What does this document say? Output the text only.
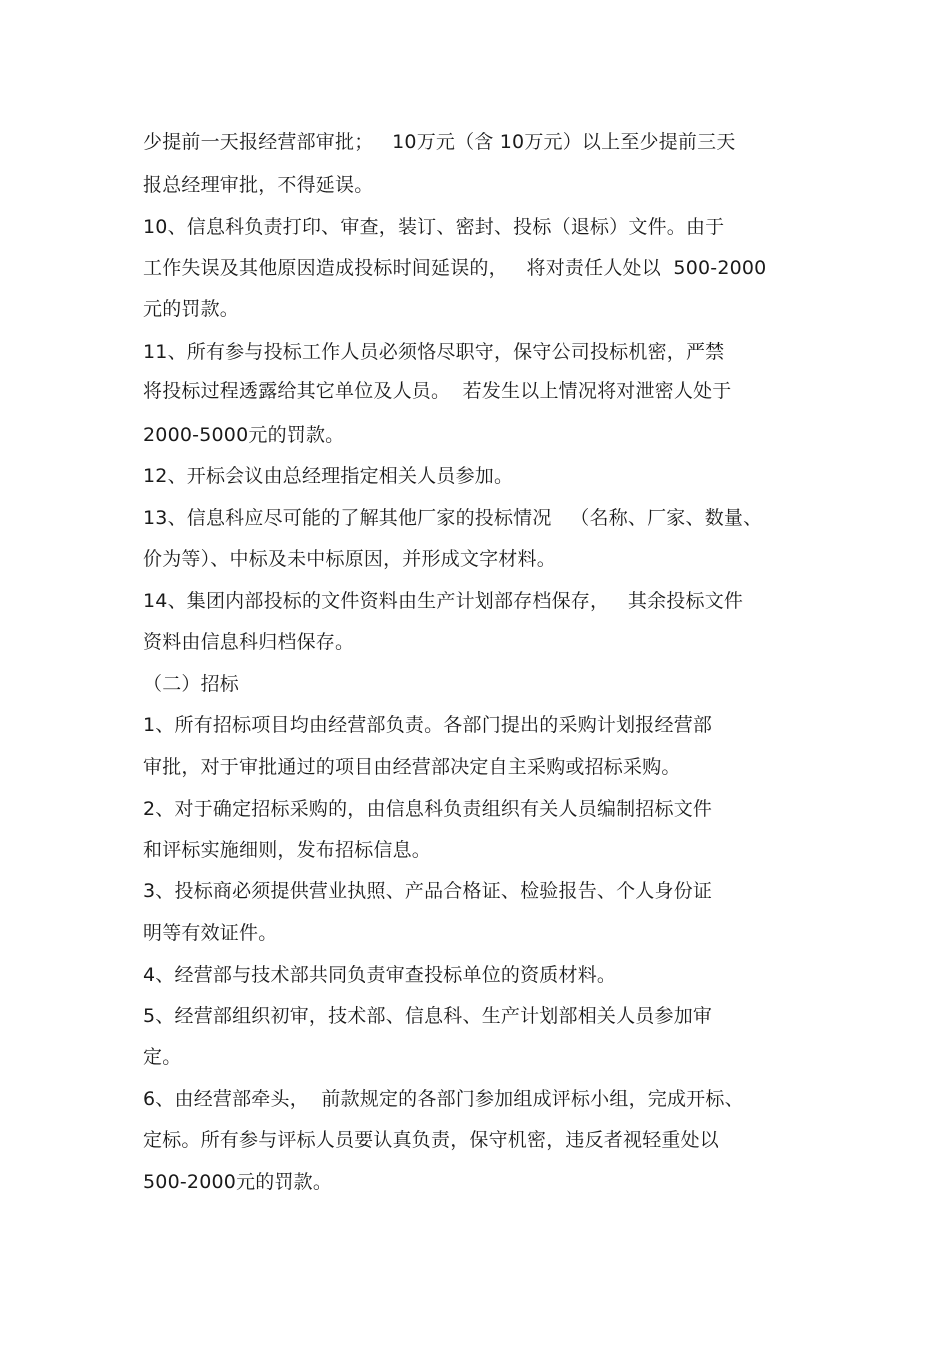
少提前一天报经营部审批；   10万元（含 10万元）以上至少提前三天

报总经理审批，不得延误。

10、信息科负责打印、审查，装订、密封、投标（退标）文件。由于

工作失误及其他原因造成投标时间延误的，   将对责任人处以  500-2000

元的罚款。

11、所有参与投标工作人员必须恪尽职守，保守公司投标机密，严禁

将投标过程透露给其它单位及人员。  若发生以上情况将对泄密人处于

2000-5000元的罚款。

12、开标会议由总经理指定相关人员参加。

13、信息科应尽可能的了解其他厂家的投标情况   （名称、厂家、数量、

价为等）、中标及未中标原因，并形成文字材料。

14、集团内部投标的文件资料由生产计划部存档保存，   其余投标文件

资料由信息科归档保存。

（二）招标

1、所有招标项目均由经营部负责。各部门提出的采购计划报经营部

审批，对于审批通过的项目由经营部决定自主采购或招标采购。

2、对于确定招标采购的，由信息科负责组织有关人员编制招标文件

和评标实施细则，发布招标信息。

3、投标商必须提供营业执照、产品合格证、检验报告、个人身份证

明等有效证件。

4、经营部与技术部共同负责审查投标单位的资质材料。

5、经营部组织初审，技术部、信息科、生产计划部相关人员参加审

定。

6、由经营部牵头，  前款规定的各部门参加组成评标小组，完成开标、

定标。所有参与评标人员要认真负责，保守机密，违反者视轻重处以

500-2000元的罚款。
